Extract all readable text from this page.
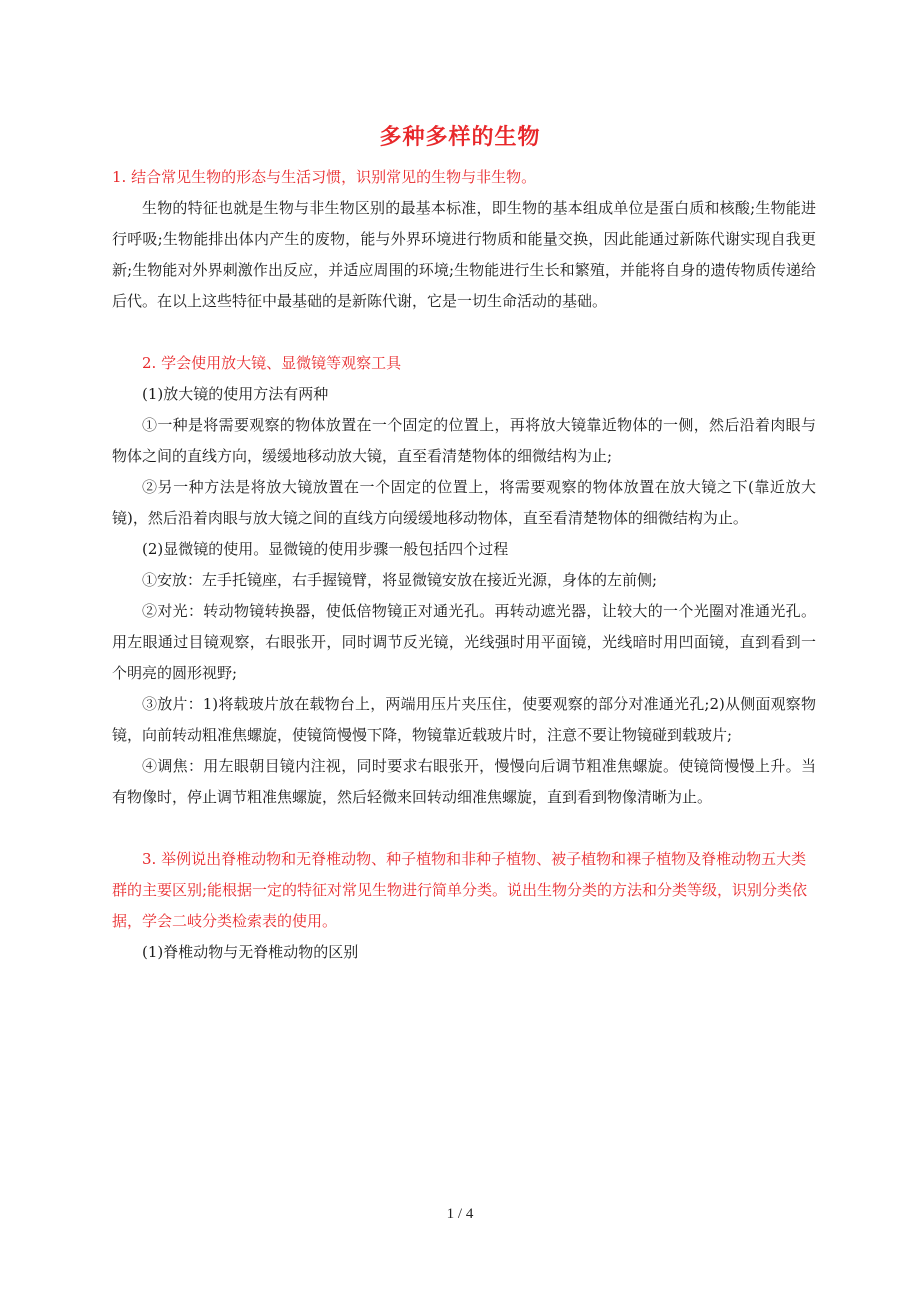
多种多样的生物

1. 结合常见生物的形态与生活习惯，识别常见的生物与非生物。

生物的特征也就是生物与非生物区别的最基本标准，即生物的基本组成单位是蛋白质和核酸;生物能进行呼吸;生物能排出体内产生的废物，能与外界环境进行物质和能量交换，因此能通过新陈代谢实现自我更新;生物能对外界刺激作出反应，并适应周围的环境;生物能进行生长和繁殖，并能将自身的遗传物质传递给后代。在以上这些特征中最基础的是新陈代谢，它是一切生命活动的基础。

2. 学会使用放大镜、显微镜等观察工具

(1)放大镜的使用方法有两种

①一种是将需要观察的物体放置在一个固定的位置上，再将放大镜靠近物体的一侧，然后沿着肉眼与物体之间的直线方向，缓缓地移动放大镜，直至看清楚物体的细微结构为止;

②另一种方法是将放大镜放置在一个固定的位置上，将需要观察的物体放置在放大镜之下(靠近放大镜)，然后沿着肉眼与放大镜之间的直线方向缓缓地移动物体，直至看清楚物体的细微结构为止。

(2)显微镜的使用。显微镜的使用步骤一般包括四个过程

①安放：左手托镜座，右手握镜臂，将显微镜安放在接近光源，身体的左前侧;

②对光：转动物镜转换器，使低倍物镜正对通光孔。再转动遮光器，让较大的一个光圈对准通光孔。用左眼通过目镜观察，右眼张开，同时调节反光镜，光线强时用平面镜，光线暗时用凹面镜，直到看到一个明亮的圆形视野;

③放片：1)将载玻片放在载物台上，两端用压片夹压住，使要观察的部分对准通光孔;2)从侧面观察物镜，向前转动粗准焦螺旋，使镜筒慢慢下降，物镜靠近载玻片时，注意不要让物镜碰到载玻片;

④调焦：用左眼朝目镜内注视，同时要求右眼张开，慢慢向后调节粗准焦螺旋。使镜筒慢慢上升。当有物像时，停止调节粗准焦螺旋，然后轻微来回转动细准焦螺旋，直到看到物像清晰为止。

3. 举例说出脊椎动物和无脊椎动物、种子植物和非种子植物、被子植物和裸子植物及脊椎动物五大类群的主要区别;能根据一定的特征对常见生物进行简单分类。说出生物分类的方法和分类等级，识别分类依据，学会二岐分类检索表的使用。

(1)脊椎动物与无脊椎动物的区别

1 / 4
